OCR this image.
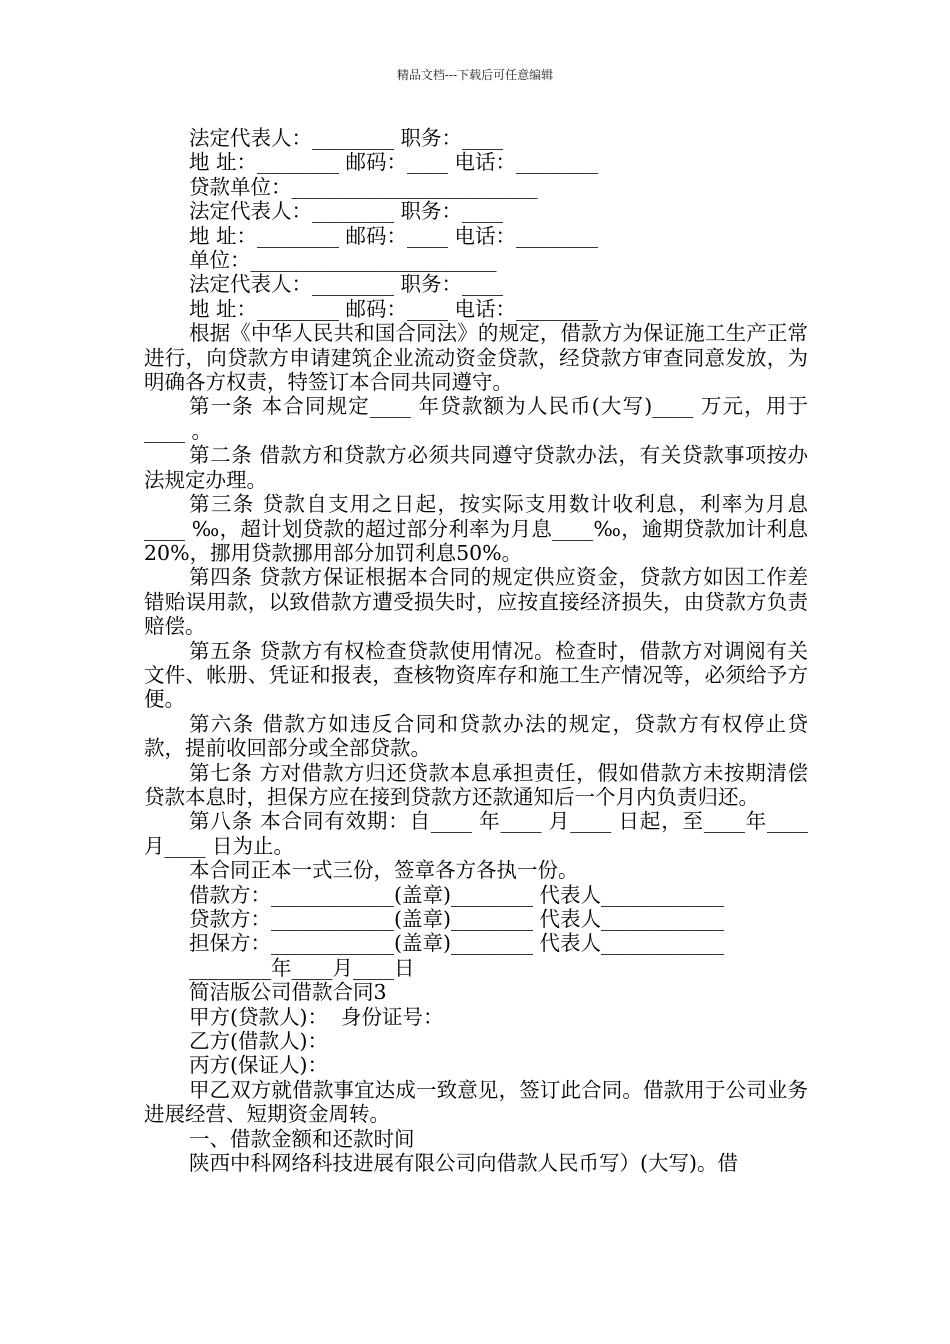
精品文档---下载后可任意编辑
法定代表人：________ 职务：____
地 址：________ 邮码：____ 电话：________
贷款单位：________________________
法定代表人：________ 职务：____
地 址：________ 邮码：____ 电话：________
单位：________________________
法定代表人：________ 职务：____
地 址：________ 邮码：____ 电话：________
根据《中华人民共和国合同法》的规定，借款方为保证施工生产正常进行，向贷款方申请建筑企业流动资金贷款，经贷款方审查同意发放，为明确各方权责，特签订本合同共同遵守。
第一条 本合同规定____ 年贷款额为人民币(大写)____ 万元，用于____ 。
第二条 借款方和贷款方必须共同遵守贷款办法，有关贷款事项按办法规定办理。
第三条 贷款自支用之日起，按实际支用数计收利息，利率为月息____ ‰，超计划贷款的超过部分利率为月息____‰，逾期贷款加计利息20%，挪用贷款挪用部分加罚利息50%。
第四条 贷款方保证根据本合同的规定供应资金，贷款方如因工作差错贻误用款，以致借款方遭受损失时，应按直接经济损失，由贷款方负责赔偿。
第五条 贷款方有权检查贷款使用情况。检查时，借款方对调阅有关文件、帐册、凭证和报表，查核物资库存和施工生产情况等，必须给予方便。
第六条 借款方如违反合同和贷款办法的规定，贷款方有权停止贷款，提前收回部分或全部贷款。
第七条 方对借款方归还贷款本息承担责任，假如借款方未按期清偿贷款本息时，担保方应在接到贷款方还款通知后一个月内负责归还。
第八条 本合同有效期：自____ 年____ 月____ 日起，至____年____ 月____ 日为止。
本合同正本一式三份，签章各方各执一份。
借款方：____________(盖章)________ 代表人____________
贷款方：____________(盖章)________ 代表人____________
担保方：____________(盖章)________ 代表人____________
________年____月____日
简洁版公司借款合同3
甲方(贷款人)：  身份证号：
乙方(借款人)：
丙方(保证人)：
甲乙双方就借款事宜达成一致意见，签订此合同。借款用于公司业务进展经营、短期资金周转。
一、借款金额和还款时间
陕西中科网络科技进展有限公司向借款人民币写）(大写)。借
